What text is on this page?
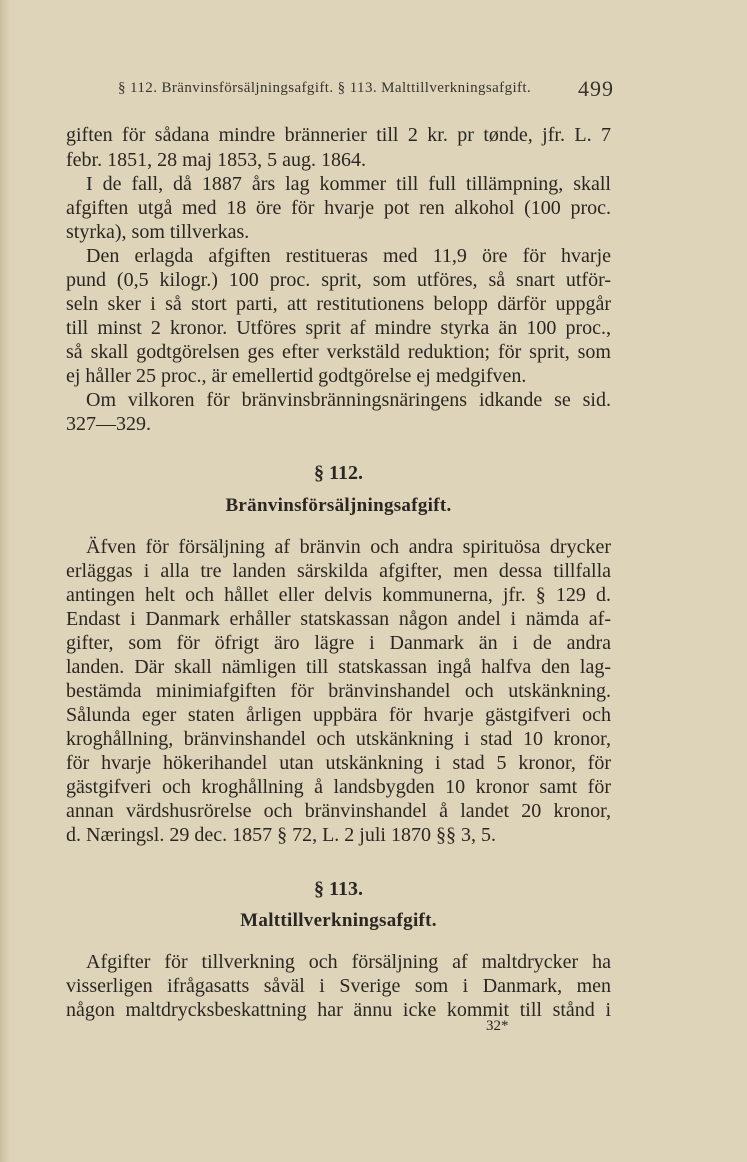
§ 112. Bränvinsförsäljningsafgift. § 113. Malttillverkningsafgift. 499
giften för sådana mindre brännerier till 2 kr. pr tønde, jfr. L. 7
febr. 1851, 28 maj 1853, 5 aug. 1864.
I de fall, då 1887 års lag kommer till full tillämpning, skall
afgiften utgå med 18 öre för hvarje pot ren alkohol (100 proc.
styrka), som tillverkas.
Den erlagda afgiften restitueras med 11,9 öre för hvarje
pund (0,5 kilogr.) 100 proc. sprit, som utföres, så snart utför-
seln sker i så stort parti, att restitutionens belopp därför uppgår
till minst 2 kronor. Utföres sprit af mindre styrka än 100 proc.,
så skall godtgörelsen ges efter verkstäld reduktion; för sprit, som
ej håller 25 proc., är emellertid godtgörelse ej medgifven.
Om vilkoren för bränvinsbränningsnäringens idkande se sid.
327—329.
§ 112.
Bränvinsförsäljningsafgift.
Äfven för försäljning af bränvin och andra spirituösa drycker
erläggas i alla tre landen särskilda afgifter, men dessa tillfalla
antingen helt och hållet eller delvis kommunerna, jfr. § 129 d.
Endast i Danmark erhåller statskassan någon andel i nämda af-
gifter, som för öfrigt äro lägre i Danmark än i de andra
landen. Där skall nämligen till statskassan ingå halfva den lag-
bestämda minimiafgiften för bränvinshandel och utskänkning.
Sålunda eger staten årligen uppbära för hvarje gästgifveri och
kroghållning, bränvinshandel och utskänkning i stad 10 kronor,
för hvarje hökerihandel utan utskänkning i stad 5 kronor, för
gästgifveri och kroghållning å landsbygden 10 kronor samt för
annan värdshusrörelse och bränvinshandel å landet 20 kronor,
d. Næringsl. 29 dec. 1857 § 72, L. 2 juli 1870 §§ 3, 5.
§ 113.
Malttillverkningsafgift.
Afgifter för tillverkning och försäljning af maltdrycker ha
visserligen ifrågasatts såväl i Sverige som i Danmark, men
någon maltdrycksbeskattning har ännu icke kommit till stånd i
32*
